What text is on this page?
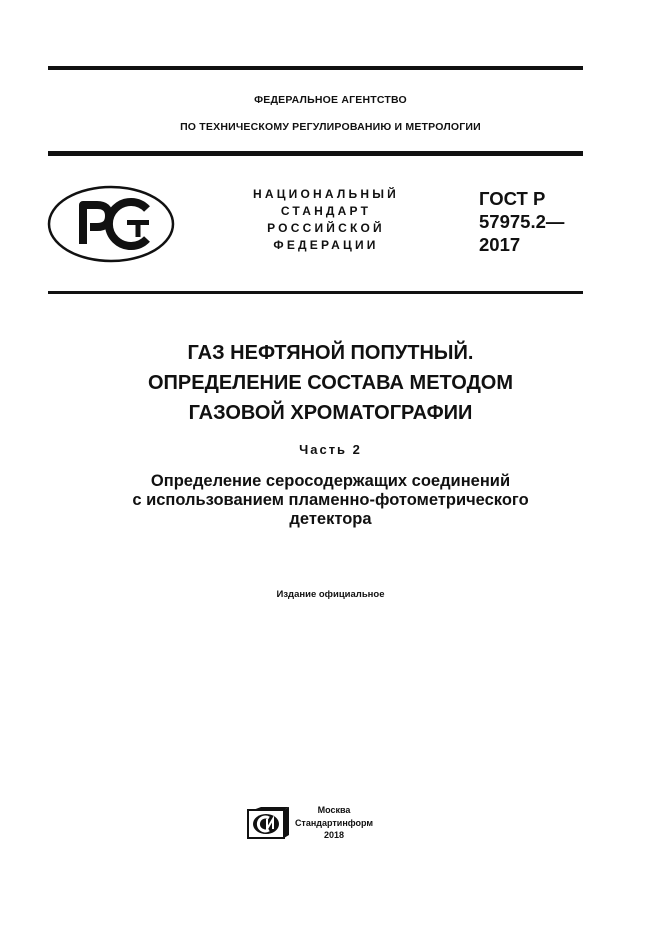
ФЕДЕРАЛЬНОЕ АГЕНТСТВО
ПО ТЕХНИЧЕСКОМУ РЕГУЛИРОВАНИЮ И МЕТРОЛОГИИ
НАЦИОНАЛЬНЫЙ
СТАНДАРТ
РОССИЙСКОЙ
ФЕДЕРАЦИИ
ГОСТ Р
57975.2—
2017
ГАЗ НЕФТЯНОЙ ПОПУТНЫЙ.
ОПРЕДЕЛЕНИЕ СОСТАВА МЕТОДОМ
ГАЗОВОЙ ХРОМАТОГРАФИИ
Часть 2
Определение серосодержащих соединений
с использованием пламенно-фотометрического
детектора
Издание официальное
Москва
Стандартинформ
2018
